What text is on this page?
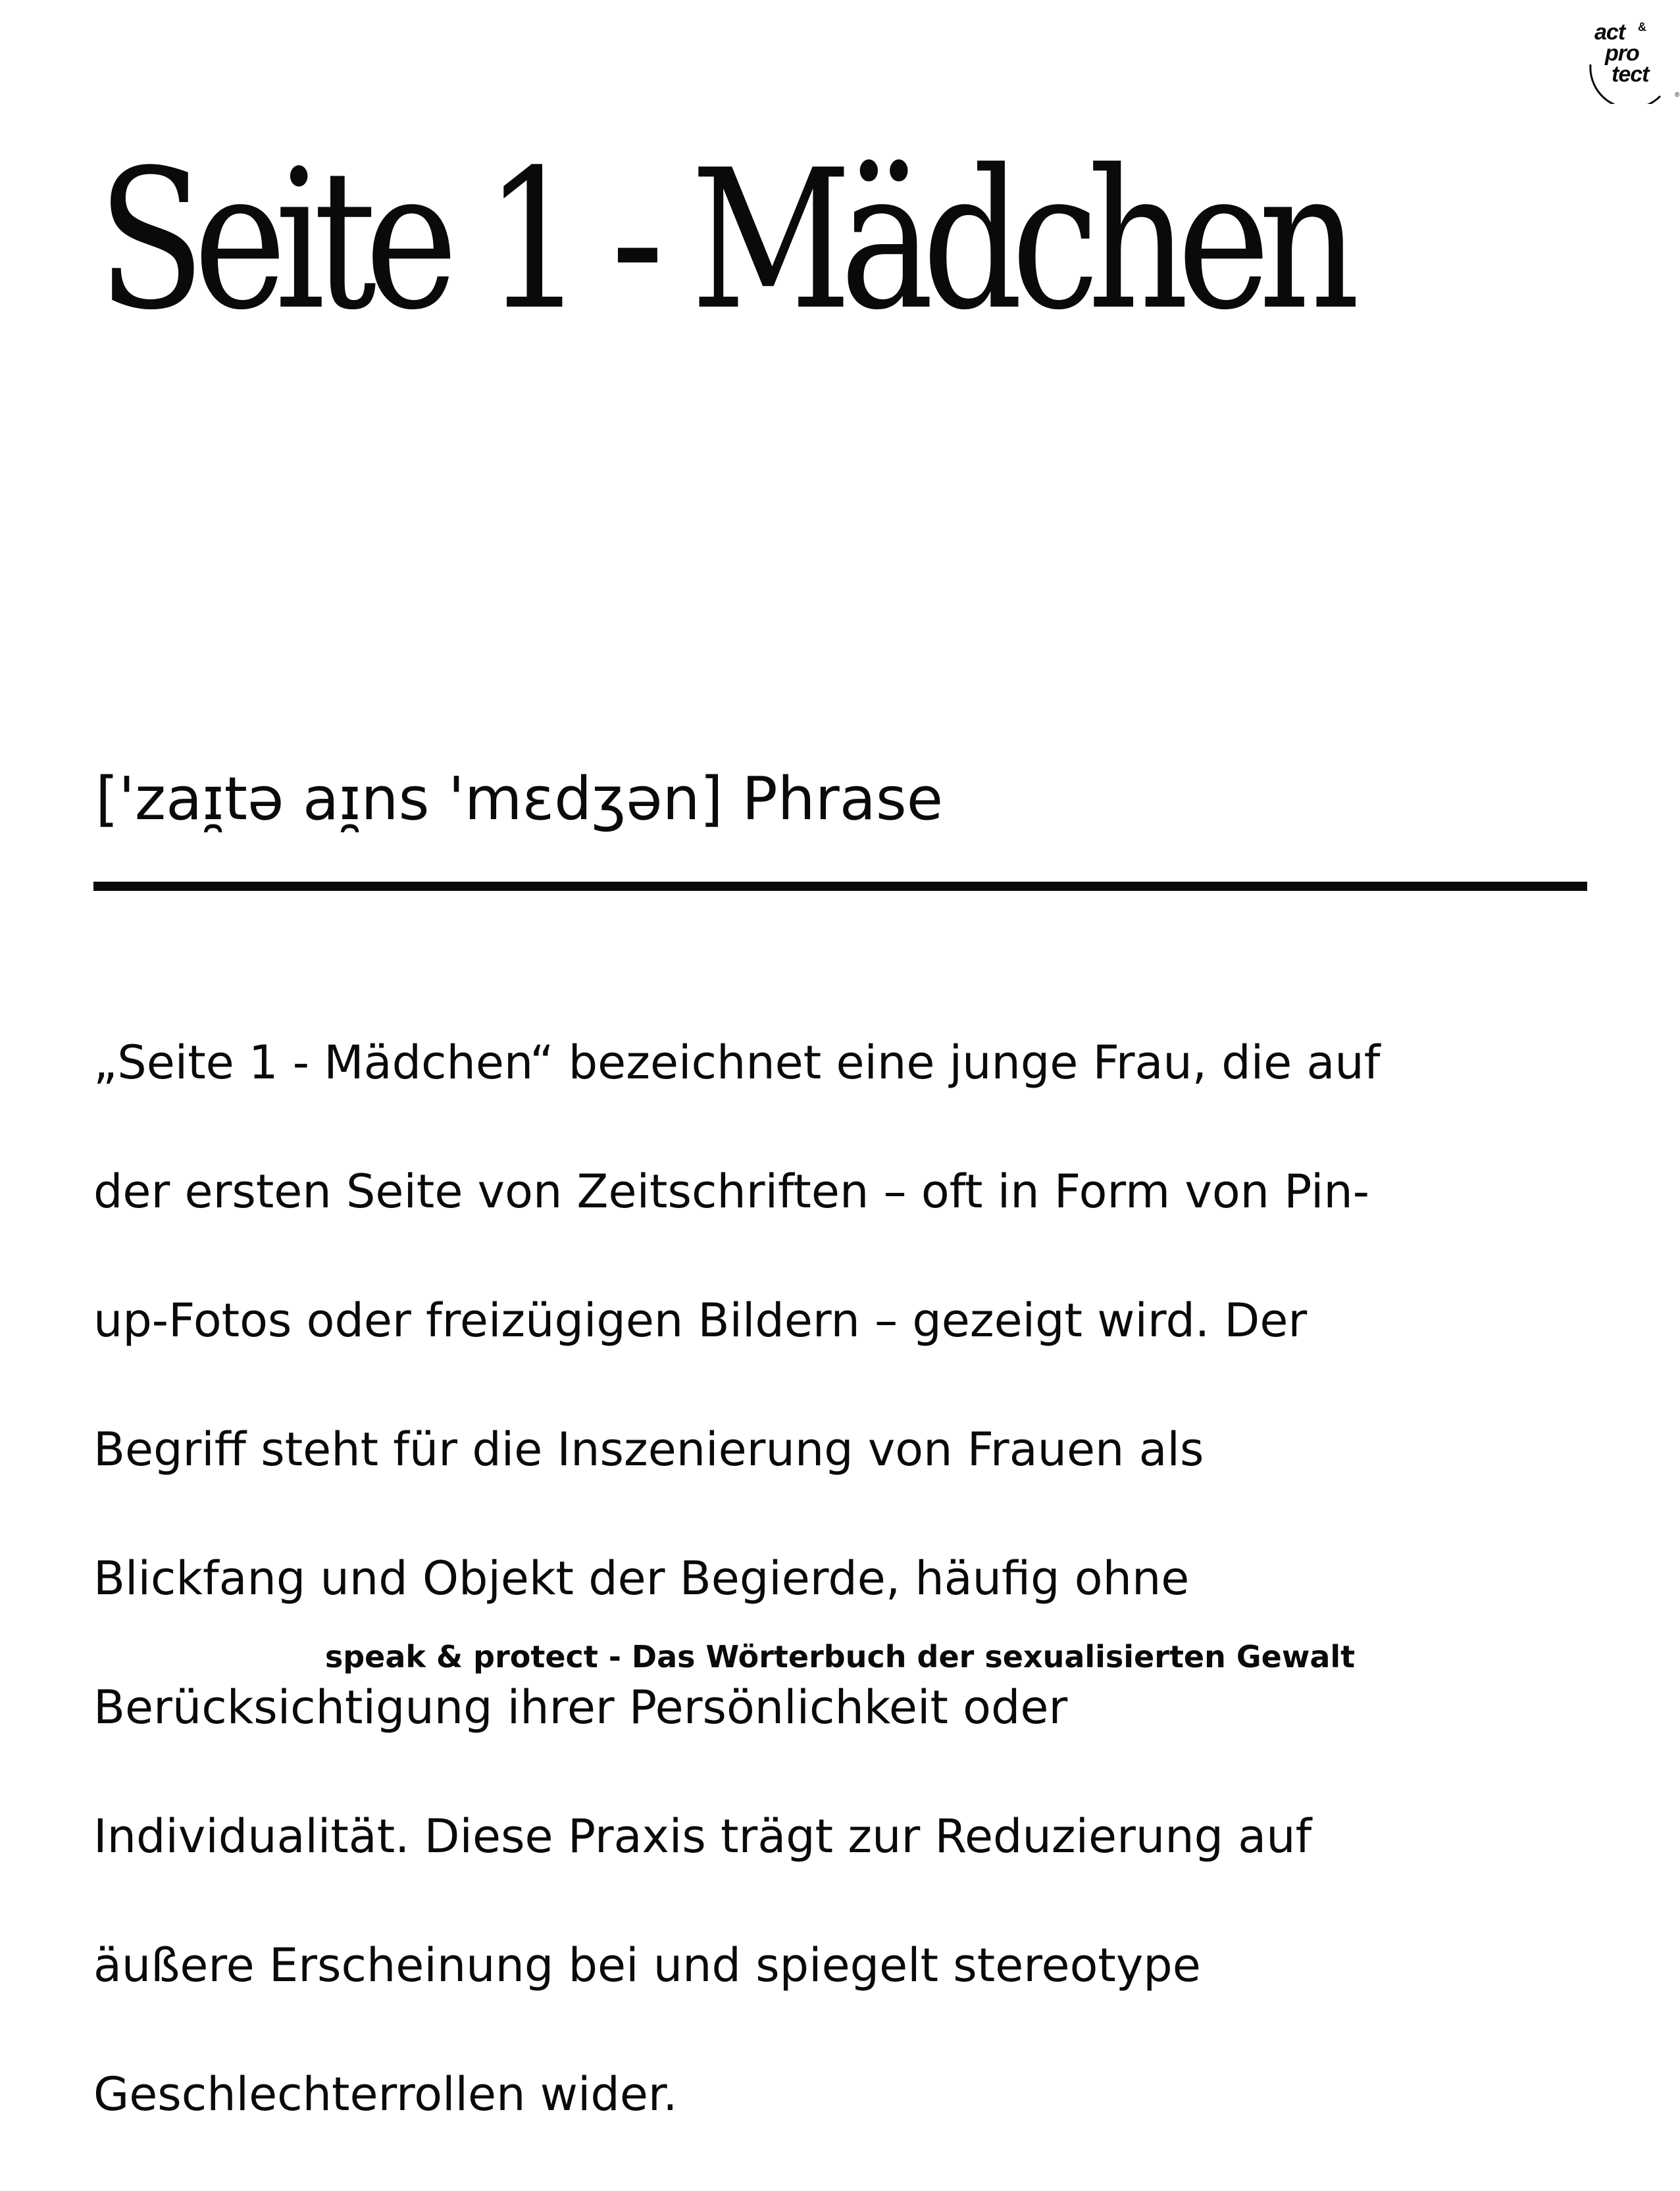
act &
pro
tect
®
Seite 1 - Mädchen
['zaɪ̯tə aɪ̯ns 'mɛdʒən] Phrase

„Seite 1 - Mädchen“ bezeichnet eine junge Frau, die auf

der ersten Seite von Zeitschriften – oft in Form von Pin-

up-Fotos oder freizügigen Bildern – gezeigt wird. Der

Begriff steht für die Inszenierung von Frauen als

Blickfang und Objekt der Begierde, häufig ohne

Berücksichtigung ihrer Persönlichkeit oder

Individualität. Diese Praxis trägt zur Reduzierung auf

äußere Erscheinung bei und spiegelt stereotype

Geschlechterrollen wider.

speak & protect - Das Wörterbuch der sexualisierten Gewalt
